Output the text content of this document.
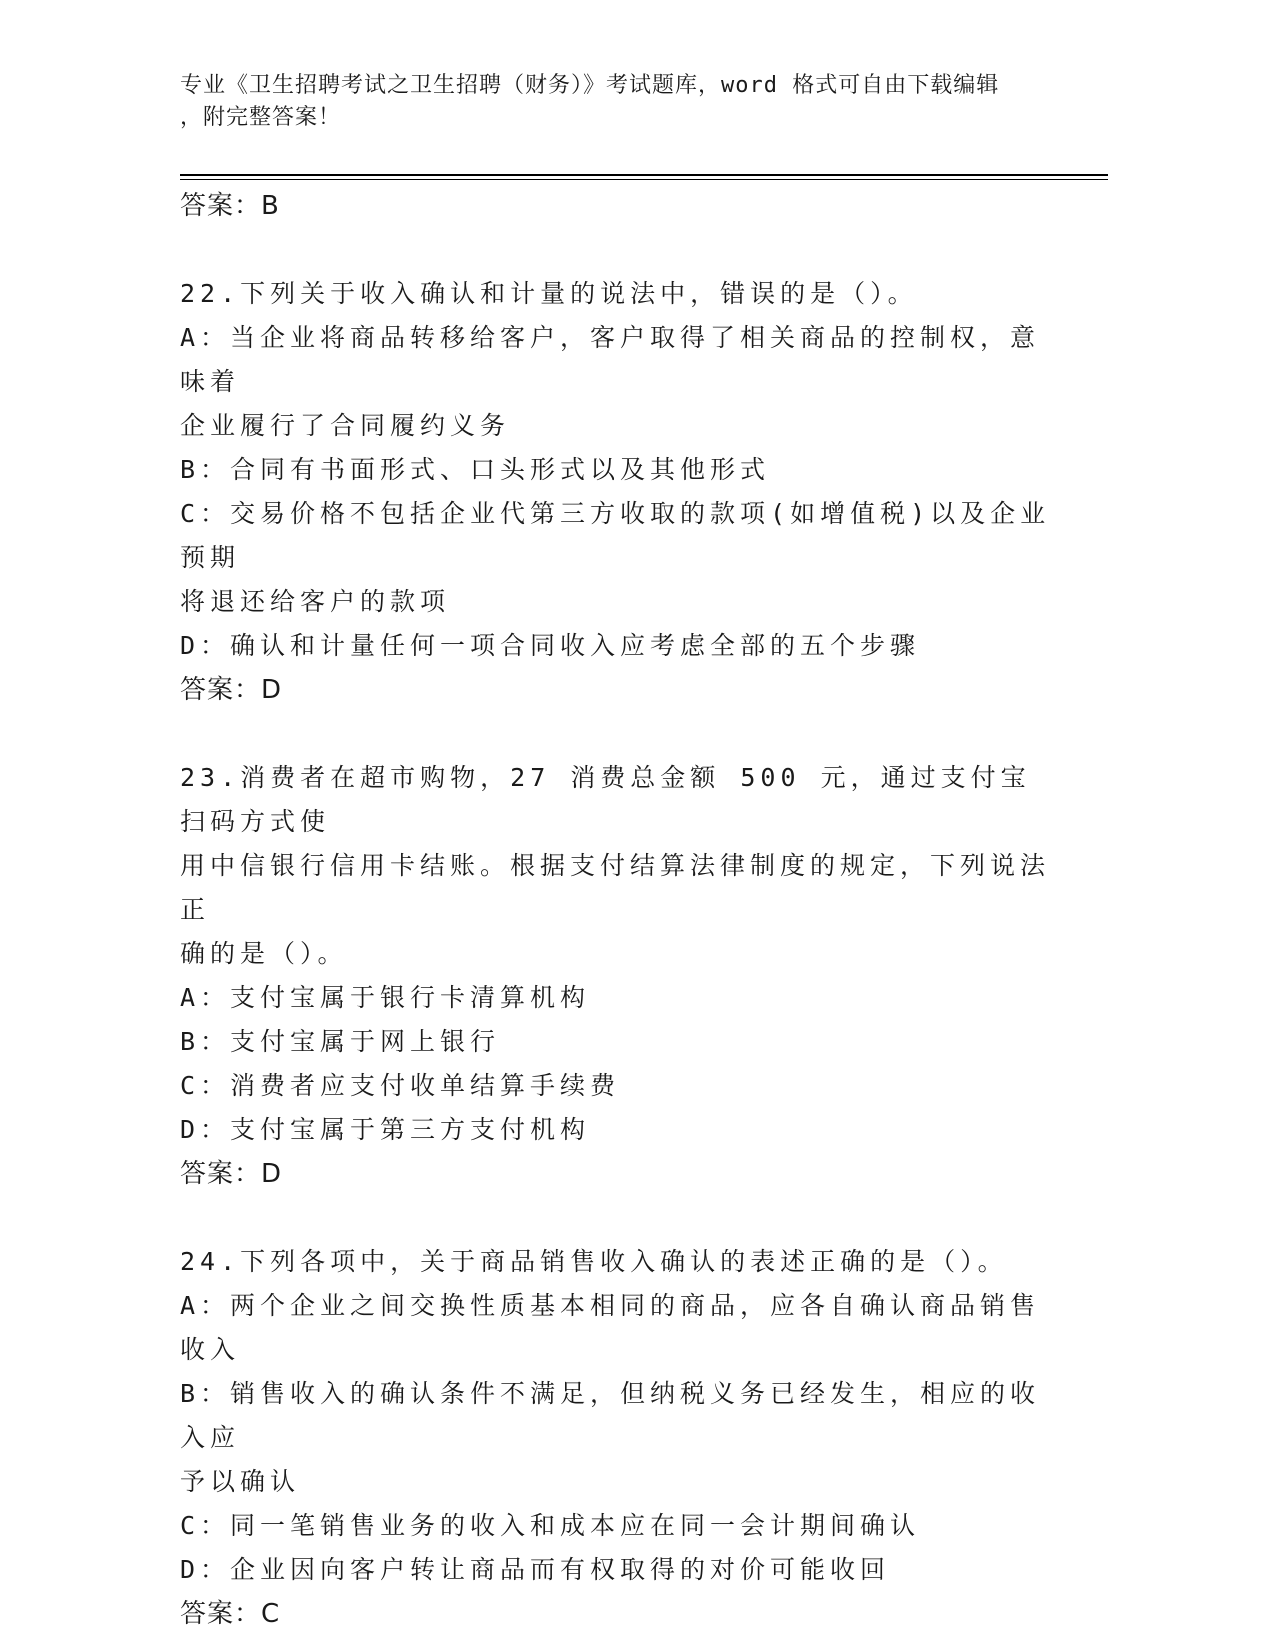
专业《卫生招聘考试之卫生招聘（财务）》考试题库，word 格式可自由下载编辑
，附完整答案！
答案：B

22.下列关于收入确认和计量的说法中，错误的是（）。

A：当企业将商品转移给客户，客户取得了相关商品的控制权，意味着

企业履行了合同履约义务

B：合同有书面形式、口头形式以及其他形式

C：交易价格不包括企业代第三方收取的款项(如增值税)以及企业预期

将退还给客户的款项

D：确认和计量任何一项合同收入应考虑全部的五个步骤

答案：D

23.消费者在超市购物，27 消费总金额 500 元，通过支付宝扫码方式使

用中信银行信用卡结账。根据支付结算法律制度的规定，下列说法正

确的是（）。

A：支付宝属于银行卡清算机构

B：支付宝属于网上银行

C：消费者应支付收单结算手续费

D：支付宝属于第三方支付机构

答案：D

24.下列各项中，关于商品销售收入确认的表述正确的是（）。

A：两个企业之间交换性质基本相同的商品，应各自确认商品销售收入

B：销售收入的确认条件不满足，但纳税义务已经发生，相应的收入应

予以确认

C：同一笔销售业务的收入和成本应在同一会计期间确认

D：企业因向客户转让商品而有权取得的对价可能收回

答案：C
